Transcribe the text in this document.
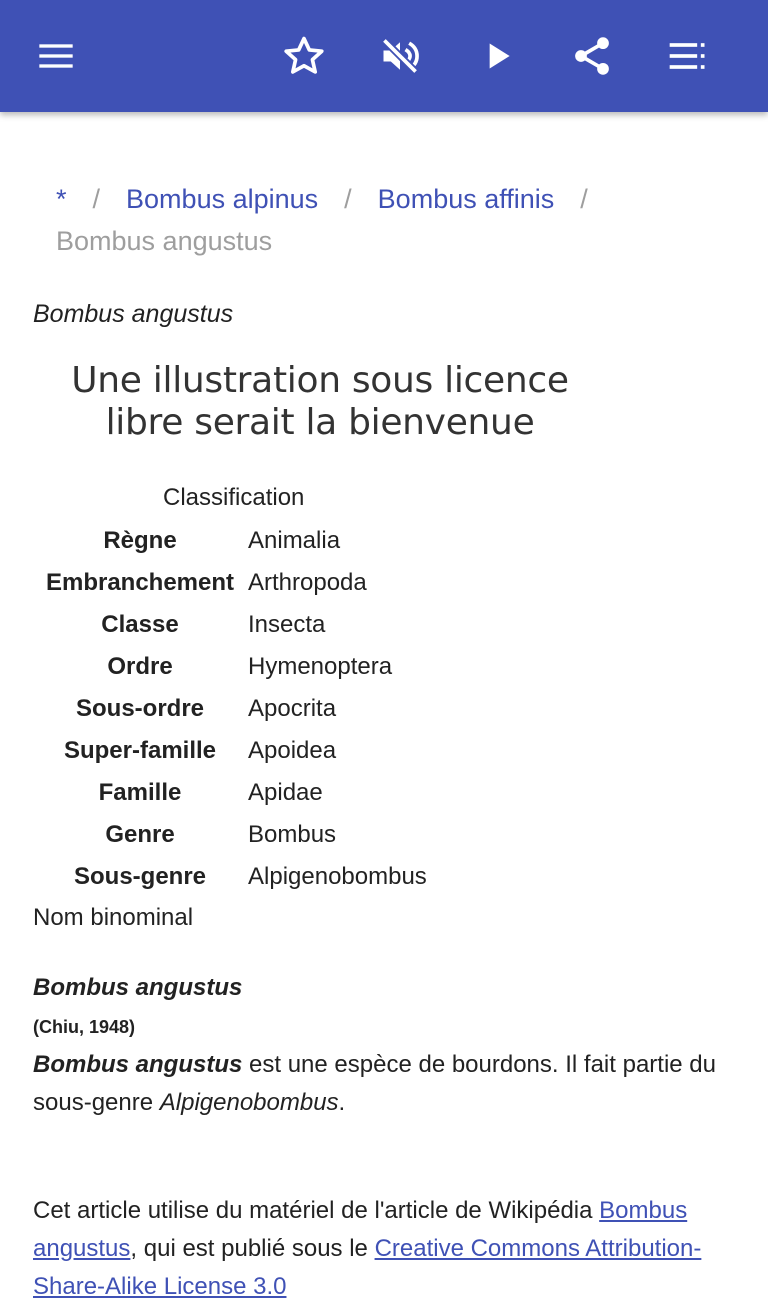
* / Bombus alpinus / Bombus affinis /
Bombus angustus
Bombus angustus
Une illustration sous licence
libre serait la bienvenue
Classification
Règne	Animalia
Embranchement	Arthropoda
Classe	Insecta
Ordre	Hymenoptera
Sous-ordre	Apocrita
Super-famille	Apoidea
Famille	Apidae
Genre	Bombus
Sous-genre	Alpigenobombus
Nom binominal
Bombus angustus
(Chiu, 1948)
Bombus angustus est une espèce de bourdons. Il fait partie du sous-genre Alpigenobombus.
Cet article utilise du matériel de l'article de Wikipédia Bombus angustus, qui est publié sous le Creative Commons Attribution-Share-Alike License 3.0
